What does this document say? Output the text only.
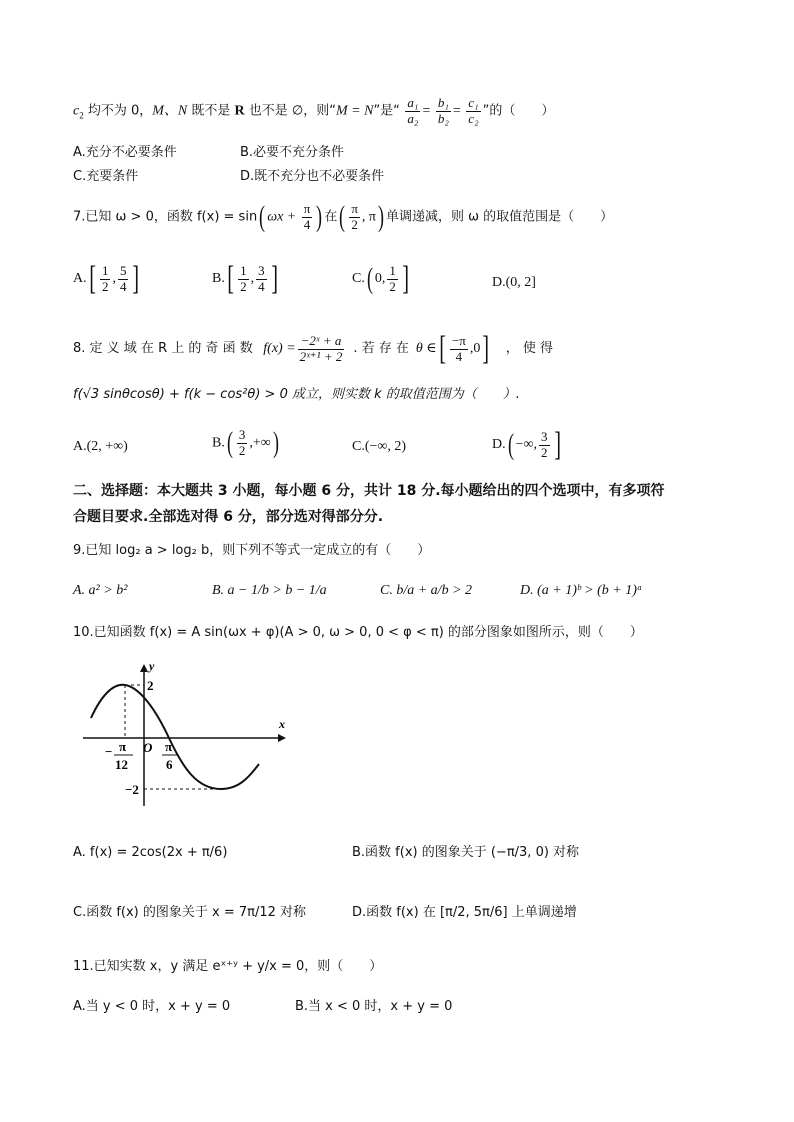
$c_2$ 均不为 0，M、N 既不是 R 也不是 ∅，则“M = N”是“ $\frac{\text{a₁}}{\text{a₂}} = \frac{\text{b₁}}{\text{b₂}} = \frac{\text{c₁}}{\text{c₂}}$ ”的（　　）
A.充分不必要条件	B.必要不充分条件
C.充要条件	D.既不充分也不必要条件
7.已知 ω > 0，函数 f(x) = sin( $\omega x + \frac{\pi}{4}$ ) 在( $\frac{\pi}{2}$ , π) 单调递减，则 ω 的取值范围是（　　）
$A.[ \frac{1}{2}$ , $\frac{5}{4}$ ]	$B.[ \frac{1}{2}$ , $\frac{3}{4}$ ]	C.( 0, $\frac{1}{2}$ ]	D.(0, 2]
8. 定 义 域 在 R 上 的 奇 函 数 $f(x) = \frac{\text{−2ˣ + a}}{\text{2ˣ⁺¹ + 2}}$ . 若 存 在 θ ∈[ $\frac{-\pi}{4} ,0$] ， 使 得
f(√3 sinθcosθ) + f(k − cos²θ) > 0 成立，则实数 k 的取值范围为（　　）.
A.(2, +∞)	$B.( \frac{3}{2}$ ,+∞)	C.(−∞, 2)	D.( −∞, $\frac{3}{2}$ ]
二、选择题：本大题共 3 小题，每小题 6 分，共计 18 分.每小题给出的四个选项中，有多项符
合题目要求.全部选对得 6 分，部分选对得部分分.
9.已知 log₂ a > log₂ b，则下列不等式一定成立的有（　　）
A. a² > b²	B. a − 1/b > b − 1/a	C. b/a + a/b > 2	D. (a + 1)ᵇ > (b + 1)ᵃ
10.已知函数 f(x) = A sin(ωx + φ)(A > 0, ω > 0, 0 < φ < π) 的部分图象如图所示，则（　　）
x
y
O
2
−2
− π
12
π
6
A. f(x) = 2cos(2x + π/6)	B.函数 f(x) 的图象关于 (−π/3, 0) 对称
C.函数 f(x) 的图象关于 x = 7π/12 对称	D.函数 f(x) 在 [π/2, 5π/6] 上单调递增
11.已知实数 x，y 满足 eˣ⁺ʸ + y/x = 0，则（　　）
A.当 y < 0 时，x + y = 0	B.当 x < 0 时，x + y = 0
